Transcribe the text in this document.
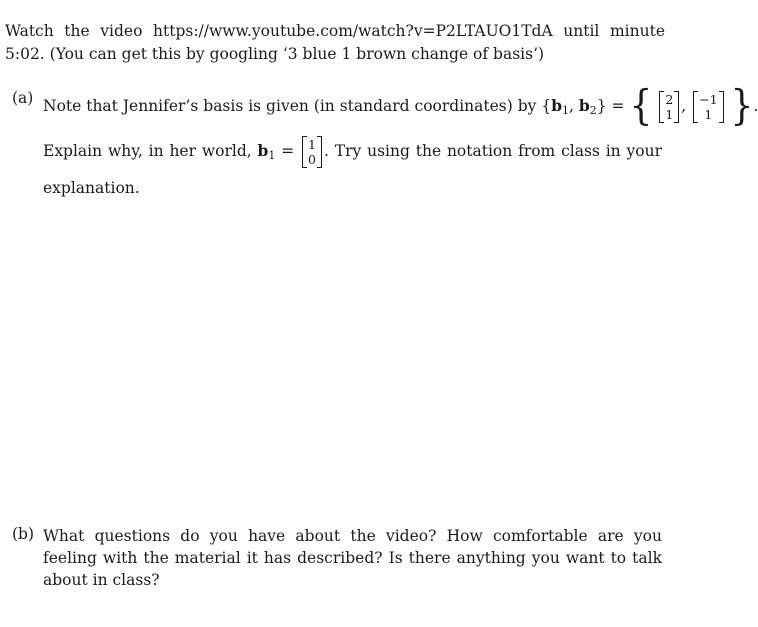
Watch the video https://www.youtube.com/watch?v=P2LTAUO1TdA until minute 5:02. (You can get this by googling ‘3 blue 1 brown change of basis’)
(a) Note that Jennifer’s basis is given (in standard coordinates) by {$b_1$, $b_2$} = { 2
1 , −1
1 }.
Explain why, in her world, $b_1 = 1$
0 . Try using the notation from class in your explanation.
(b) What questions do you have about the video? How comfortable are you feeling with the material it has described? Is there anything you want to talk about in class?
